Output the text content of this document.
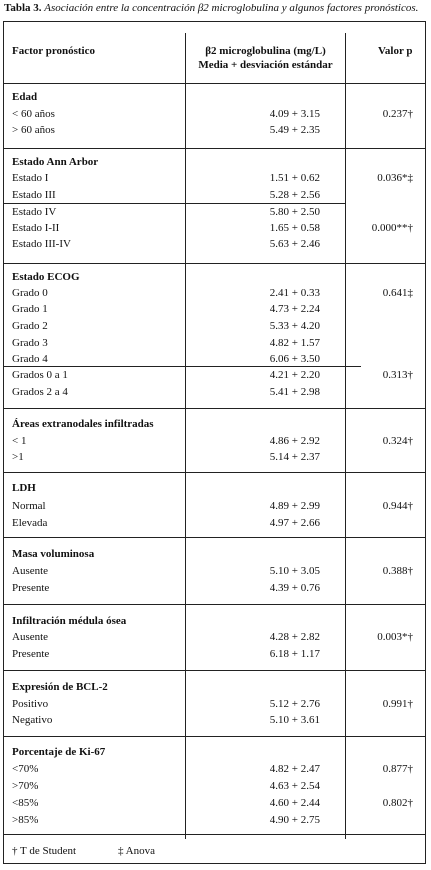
Tabla 3. Asociación entre la concentración β2 microglobulina y algunos factores pronósticos.
Factor pronóstico	β2 microglobulina (mg/L)
Media + desviación estándar
Valor p
Edad
< 60 años	4.09 + 3.15	0.237†
> 60 años	5.49 + 2.35
Estado Ann Arbor
Estado I	1.51 + 0.62	0.036*‡
Estado III	5.28 + 2.56
Estado IV	5.80 + 2.50
Estado I-II	1.65 + 0.58	0.000**†
Estado III-IV	5.63 + 2.46
Estado ECOG
Grado 0	2.41 + 0.33	0.641‡
Grado 1	4.73 + 2.24
Grado 2	5.33 + 4.20
Grado 3	4.82 + 1.57
Grado 4	6.06 + 3.50
Grados 0 a 1	4.21 + 2.20	0.313†
Grados 2 a 4	5.41 + 2.98
Áreas extranodales infiltradas
< 1	4.86 + 2.92	0.324†
>1	5.14 + 2.37
LDH
Normal	4.89 + 2.99	0.944†
Elevada	4.97 + 2.66
Masa voluminosa
Ausente	5.10 + 3.05	0.388†
Presente	4.39 + 0.76
Infiltración médula ósea
Ausente	4.28 + 2.82	0.003*†
Presente	6.18 + 1.17
Expresión de BCL-2
Positivo	5.12 + 2.76	0.991†
Negativo	5.10 + 3.61
Porcentaje de Ki-67
<70%	4.82 + 2.47	0.877†
>70%	4.63 + 2.54
<85%	4.60 + 2.44	0.802†
>85%	4.90 + 2.75
† T de Student	‡ Anova
